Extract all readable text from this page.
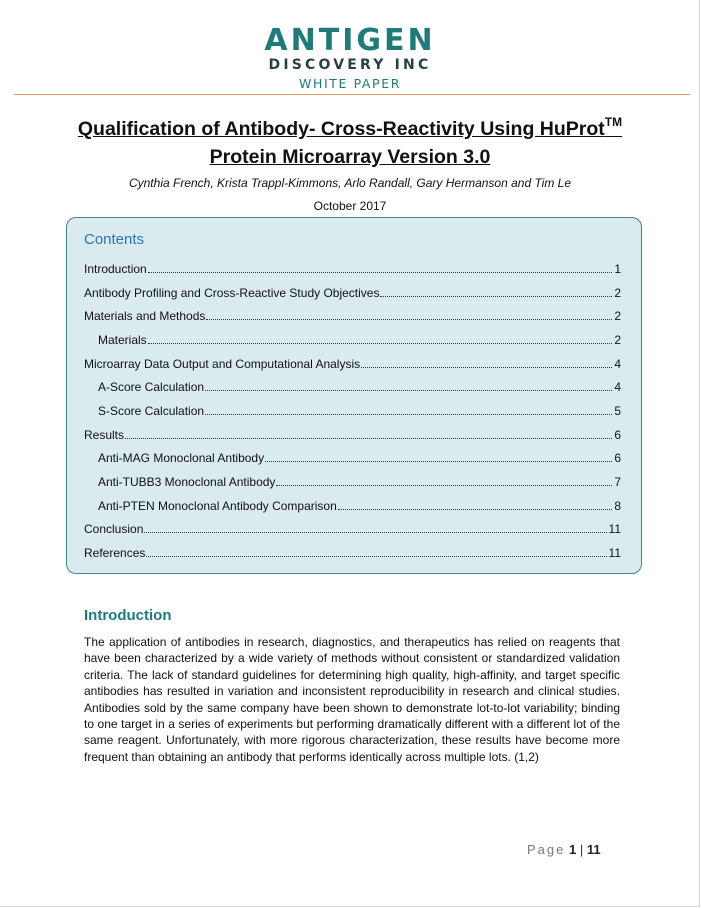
ANTIGEN
DISCOVERY INC
WHITE PAPER
Qualification of Antibody- Cross-Reactivity Using HuProt™
Protein Microarray Version 3.0
Cynthia French, Krista Trappl-Kimmons, Arlo Randall, Gary Hermanson and Tim Le
October 2017
Contents
Introduction	1
Antibody Profiling and Cross-Reactive Study Objectives	2
Materials and Methods	2
Materials	2
Microarray Data Output and Computational Analysis	4
A-Score Calculation	4
S-Score Calculation	5
Results	6
Anti-MAG Monoclonal Antibody	6
Anti-TUBB3 Monoclonal Antibody	7
Anti-PTEN Monoclonal Antibody Comparison	8
Conclusion	11
References	11
Introduction
The application of antibodies in research, diagnostics, and therapeutics has relied on reagents that have been characterized by a wide variety of methods without consistent or standardized validation criteria. The lack of standard guidelines for determining high quality, high-affinity, and target specific antibodies has resulted in variation and inconsistent reproducibility in research and clinical studies. Antibodies sold by the same company have been shown to demonstrate lot-to-lot variability; binding to one target in a series of experiments but performing dramatically different with a different lot of the same reagent. Unfortunately, with more rigorous characterization, these results have become more frequent than obtaining an antibody that performs identically across multiple lots. (1,2)
Page 1 | 11
